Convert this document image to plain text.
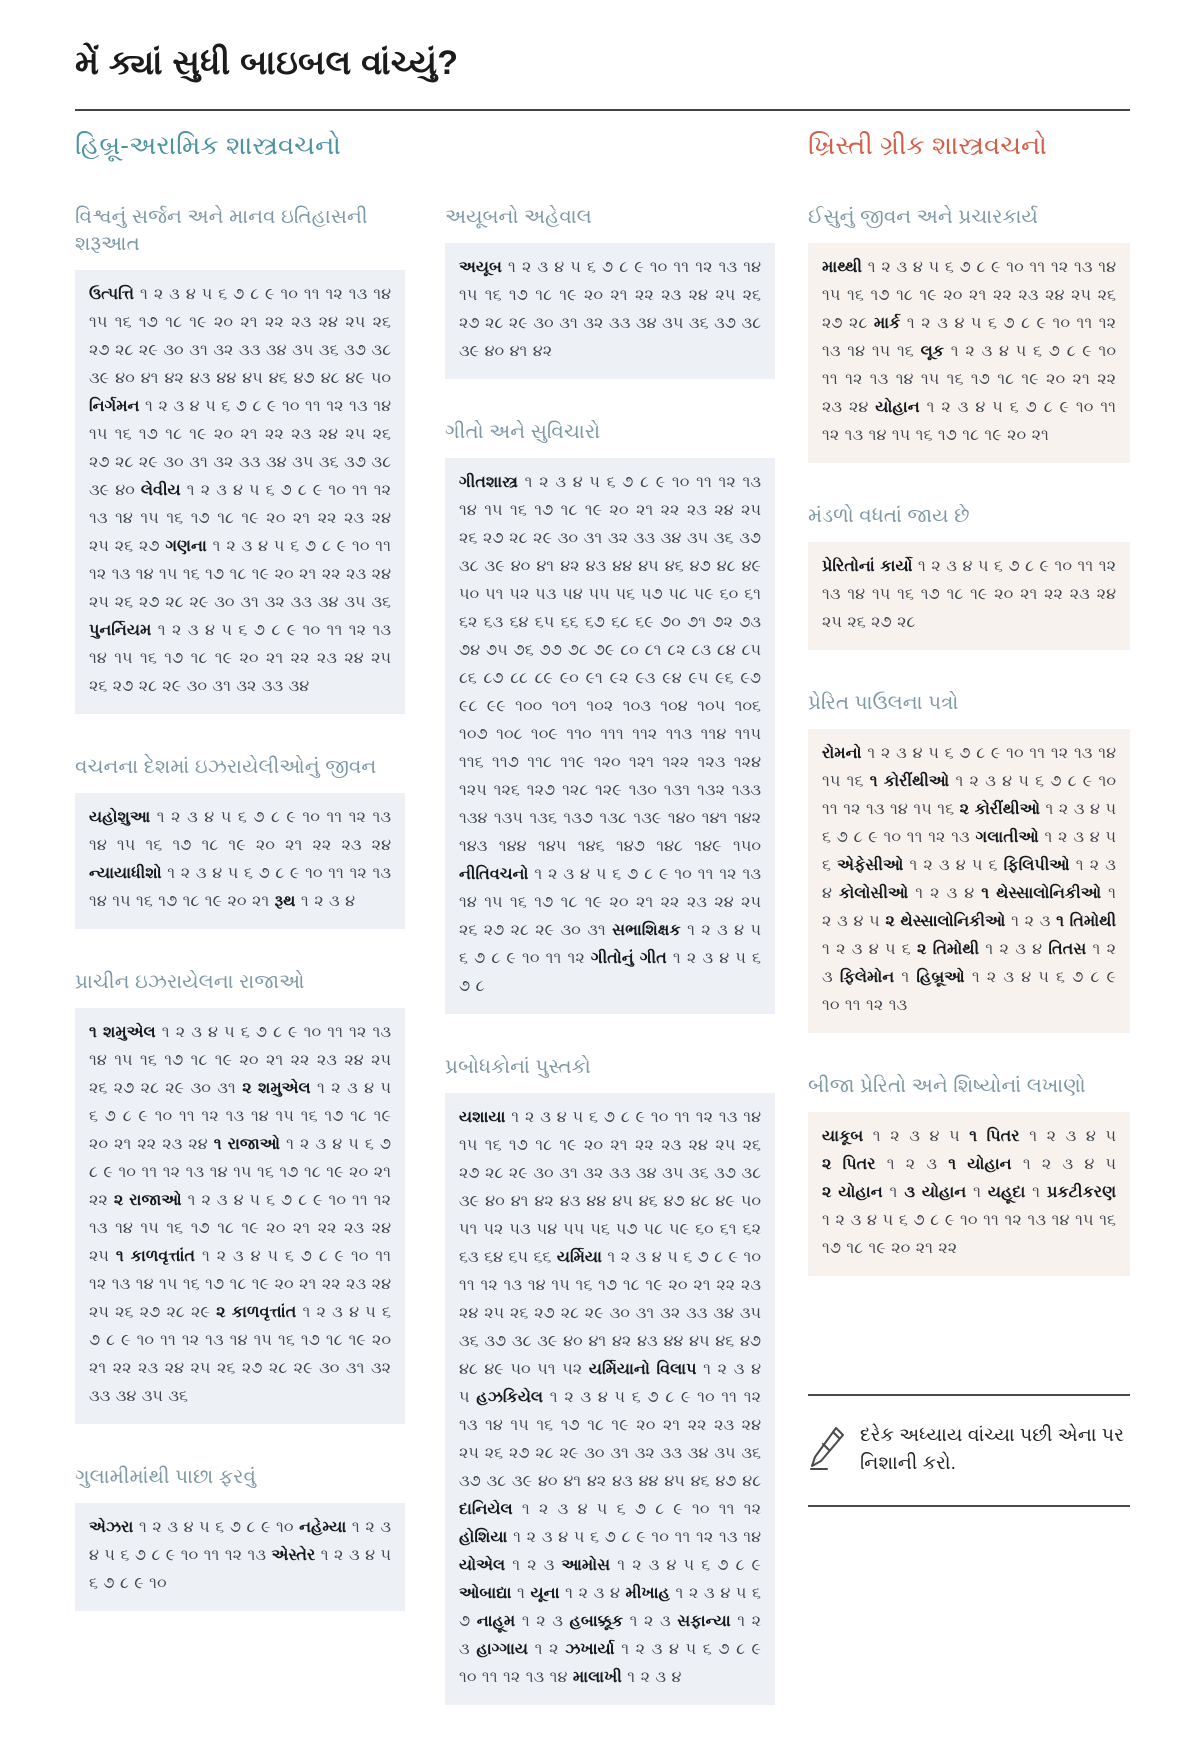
મેં ક્યાં સુધી બાઇબલ વાંચ્યું?
હિબ્રૂ-અરામિક શાસ્ત્રવચનો
વિશ્વનું સર્જન અને માનવ ઇતિહાસની શરૂઆત
ઉત્પત્તિ ૧ ૨ ૩ ૪ ૫ ૬ ૭ ૮ ૯ ૧૦ ૧૧ ૧૨ ૧૩ ૧૪ ૧૫ ૧૬ ૧૭ ૧૮ ૧૯ ૨૦ ૨૧ ૨૨ ૨૩ ૨૪ ૨૫ ૨૬ ૨૭ ૨૮ ૨૯ ૩૦ ૩૧ ૩૨ ૩૩ ૩૪ ૩૫ ૩૬ ૩૭ ૩૮ ૩૯ ૪૦ ૪૧ ૪૨ ૪૩ ૪૪ ૪૫ ૪૬ ૪૭ ૪૮ ૪૯ ૫૦ નિર્ગમન ૧ ૨ ૩ ૪ ૫ ૬ ૭ ૮ ૯ ૧૦ ૧૧ ૧૨ ૧૩ ૧૪ ૧૫ ૧૬ ૧૭ ૧૮ ૧૯ ૨૦ ૨૧ ૨૨ ૨૩ ૨૪ ૨૫ ૨૬ ૨૭ ૨૮ ૨૯ ૩૦ ૩૧ ૩૨ ૩૩ ૩૪ ૩૫ ૩૬ ૩૭ ૩૮ ૩૯ ૪૦ લેવીય ૧ ૨ ૩ ૪ ૫ ૬ ૭ ૮ ૯ ૧૦ ૧૧ ૧૨ ૧૩ ૧૪ ૧૫ ૧૬ ૧૭ ૧૮ ૧૯ ૨૦ ૨૧ ૨૨ ૨૩ ૨૪ ૨૫ ૨૬ ૨૭ ગણના ૧ ૨ ૩ ૪ ૫ ૬ ૭ ૮ ૯ ૧૦ ૧૧ ૧૨ ૧૩ ૧૪ ૧૫ ૧૬ ૧૭ ૧૮ ૧૯ ૨૦ ૨૧ ૨૨ ૨૩ ૨૪ ૨૫ ૨૬ ૨૭ ૨૮ ૨૯ ૩૦ ૩૧ ૩૨ ૩૩ ૩૪ ૩૫ ૩૬ પુનર્નિયમ ૧ ૨ ૩ ૪ ૫ ૬ ૭ ૮ ૯ ૧૦ ૧૧ ૧૨ ૧૩ ૧૪ ૧૫ ૧૬ ૧૭ ૧૮ ૧૯ ૨૦ ૨૧ ૨૨ ૨૩ ૨૪ ૨૫ ૨૬ ૨૭ ૨૮ ૨૯ ૩૦ ૩૧ ૩૨ ૩૩ ૩૪
વચનના દેશમાં ઇઝરાયેલીઓનું જીવન
યહોશુઆ ૧ ૨ ૩ ૪ ૫ ૬ ૭ ૮ ૯ ૧૦ ૧૧ ૧૨ ૧૩ ૧૪ ૧૫ ૧૬ ૧૭ ૧૮ ૧૯ ૨૦ ૨૧ ૨૨ ૨૩ ૨૪ ન્યાયાધીશો ૧ ૨ ૩ ૪ ૫ ૬ ૭ ૮ ૯ ૧૦ ૧૧ ૧૨ ૧૩ ૧૪ ૧૫ ૧૬ ૧૭ ૧૮ ૧૯ ૨૦ ૨૧ રૂથ ૧ ૨ ૩ ૪
પ્રાચીન ઇઝરાયેલના રાજાઓ
૧ શમુએલ ૧ ૨ ૩ ૪ ૫ ૬ ૭ ૮ ૯ ૧૦ ૧૧ ૧૨ ૧૩ ૧૪ ૧૫ ૧૬ ૧૭ ૧૮ ૧૯ ૨૦ ૨૧ ૨૨ ૨૩ ૨૪ ૨૫ ૨૬ ૨૭ ૨૮ ૨૯ ૩૦ ૩૧ ૨ શમુએલ ૧ ૨ ૩ ૪ ૫ ૬ ૭ ૮ ૯ ૧૦ ૧૧ ૧૨ ૧૩ ૧૪ ૧૫ ૧૬ ૧૭ ૧૮ ૧૯ ૨૦ ૨૧ ૨૨ ૨૩ ૨૪ ૧ રાજાઓ ૧ ૨ ૩ ૪ ૫ ૬ ૭ ૮ ૯ ૧૦ ૧૧ ૧૨ ૧૩ ૧૪ ૧૫ ૧૬ ૧૭ ૧૮ ૧૯ ૨૦ ૨૧ ૨૨ ૨ રાજાઓ ૧ ૨ ૩ ૪ ૫ ૬ ૭ ૮ ૯ ૧૦ ૧૧ ૧૨ ૧૩ ૧૪ ૧૫ ૧૬ ૧૭ ૧૮ ૧૯ ૨૦ ૨૧ ૨૨ ૨૩ ૨૪ ૨૫ ૧ કાળવૃત્તાંત ૧ ૨ ૩ ૪ ૫ ૬ ૭ ૮ ૯ ૧૦ ૧૧ ૧૨ ૧૩ ૧૪ ૧૫ ૧૬ ૧૭ ૧૮ ૧૯ ૨૦ ૨૧ ૨૨ ૨૩ ૨૪ ૨૫ ૨૬ ૨૭ ૨૮ ૨૯ ૨ કાળવૃત્તાંત ૧ ૨ ૩ ૪ ૫ ૬ ૭ ૮ ૯ ૧૦ ૧૧ ૧૨ ૧૩ ૧૪ ૧૫ ૧૬ ૧૭ ૧૮ ૧૯ ૨૦ ૨૧ ૨૨ ૨૩ ૨૪ ૨૫ ૨૬ ૨૭ ૨૮ ૨૯ ૩૦ ૩૧ ૩૨ ૩૩ ૩૪ ૩૫ ૩૬
ગુલામીમાંથી પાછા ફરવું
એઝરા ૧ ૨ ૩ ૪ ૫ ૬ ૭ ૮ ૯ ૧૦ નહેમ્યા ૧ ૨ ૩ ૪ ૫ ૬ ૭ ૮ ૯ ૧૦ ૧૧ ૧૨ ૧૩ એસ્તેર ૧ ૨ ૩ ૪ ૫ ૬ ૭ ૮ ૯ ૧૦
અયૂબનો અહેવાલ
અયૂબ ૧ ૨ ૩ ૪ ૫ ૬ ૭ ૮ ૯ ૧૦ ૧૧ ૧૨ ૧૩ ૧૪ ૧૫ ૧૬ ૧૭ ૧૮ ૧૯ ૨૦ ૨૧ ૨૨ ૨૩ ૨૪ ૨૫ ૨૬ ૨૭ ૨૮ ૨૯ ૩૦ ૩૧ ૩૨ ૩૩ ૩૪ ૩૫ ૩૬ ૩૭ ૩૮ ૩૯ ૪૦ ૪૧ ૪૨
ગીતો અને સુવિચારો
ગીતશાસ્ત્ર ૧ ૨ ૩ ૪ ૫ ૬ ૭ ૮ ૯ ૧૦ ૧૧ ૧૨ ૧૩ ૧૪ ૧૫ ૧૬ ૧૭ ૧૮ ૧૯ ૨૦ ૨૧ ૨૨ ૨૩ ૨૪ ૨૫ ૨૬ ૨૭ ૨૮ ૨૯ ૩૦ ૩૧ ૩૨ ૩૩ ૩૪ ૩૫ ૩૬ ૩૭ ૩૮ ૩૯ ૪૦ ૪૧ ૪૨ ૪૩ ૪૪ ૪૫ ૪૬ ૪૭ ૪૮ ૪૯ ૫૦ ૫૧ ૫૨ ૫૩ ૫૪ ૫૫ ૫૬ ૫૭ ૫૮ ૫૯ ૬૦ ૬૧ ૬૨ ૬૩ ૬૪ ૬૫ ૬૬ ૬૭ ૬૮ ૬૯ ૭૦ ૭૧ ૭૨ ૭૩ ૭૪ ૭૫ ૭૬ ૭૭ ૭૮ ૭૯ ૮૦ ૮૧ ૮૨ ૮૩ ૮૪ ૮૫ ૮૬ ૮૭ ૮૮ ૮૯ ૯૦ ૯૧ ૯૨ ૯૩ ૯૪ ૯૫ ૯૬ ૯૭ ૯૮ ૯૯ ૧૦૦ ૧૦૧ ૧૦૨ ૧૦૩ ૧૦૪ ૧૦૫ ૧૦૬ ૧૦૭ ૧૦૮ ૧૦૯ ૧૧૦ ૧૧૧ ૧૧૨ ૧૧૩ ૧૧૪ ૧૧૫ ૧૧૬ ૧૧૭ ૧૧૮ ૧૧૯ ૧૨૦ ૧૨૧ ૧૨૨ ૧૨૩ ૧૨૪ ૧૨૫ ૧૨૬ ૧૨૭ ૧૨૮ ૧૨૯ ૧૩૦ ૧૩૧ ૧૩૨ ૧૩૩ ૧૩૪ ૧૩૫ ૧૩૬ ૧૩૭ ૧૩૮ ૧૩૯ ૧૪૦ ૧૪૧ ૧૪૨ ૧૪૩ ૧૪૪ ૧૪૫ ૧૪૬ ૧૪૭ ૧૪૮ ૧૪૯ ૧૫૦ નીતિવચનો ૧ ૨ ૩ ૪ ૫ ૬ ૭ ૮ ૯ ૧૦ ૧૧ ૧૨ ૧૩ ૧૪ ૧૫ ૧૬ ૧૭ ૧૮ ૧૯ ૨૦ ૨૧ ૨૨ ૨૩ ૨૪ ૨૫ ૨૬ ૨૭ ૨૮ ૨૯ ૩૦ ૩૧ સભાશિક્ષક ૧ ૨ ૩ ૪ ૫ ૬ ૭ ૮ ૯ ૧૦ ૧૧ ૧૨ ગીતોનું ગીત ૧ ૨ ૩ ૪ ૫ ૬ ૭ ૮
પ્રબોધકોનાં પુસ્તકો
યશાયા ૧ ૨ ૩ ૪ ૫ ૬ ૭ ૮ ૯ ૧૦ ૧૧ ૧૨ ૧૩ ૧૪ ૧૫ ૧૬ ૧૭ ૧૮ ૧૯ ૨૦ ૨૧ ૨૨ ૨૩ ૨૪ ૨૫ ૨૬ ૨૭ ૨૮ ૨૯ ૩૦ ૩૧ ૩૨ ૩૩ ૩૪ ૩૫ ૩૬ ૩૭ ૩૮ ૩૯ ૪૦ ૪૧ ૪૨ ૪૩ ૪૪ ૪૫ ૪૬ ૪૭ ૪૮ ૪૯ ૫૦ ૫૧ ૫૨ ૫૩ ૫૪ ૫૫ ૫૬ ૫૭ ૫૮ ૫૯ ૬૦ ૬૧ ૬૨ ૬૩ ૬૪ ૬૫ ૬૬ યર્મિયા ૧ ૨ ૩ ૪ ૫ ૬ ૭ ૮ ૯ ૧૦ ૧૧ ૧૨ ૧૩ ૧૪ ૧૫ ૧૬ ૧૭ ૧૮ ૧૯ ૨૦ ૨૧ ૨૨ ૨૩ ૨૪ ૨૫ ૨૬ ૨૭ ૨૮ ૨૯ ૩૦ ૩૧ ૩૨ ૩૩ ૩૪ ૩૫ ૩૬ ૩૭ ૩૮ ૩૯ ૪૦ ૪૧ ૪૨ ૪૩ ૪૪ ૪૫ ૪૬ ૪૭ ૪૮ ૪૯ ૫૦ ૫૧ ૫૨ યર્મિયાનો વિલાપ ૧ ૨ ૩ ૪ ૫ હઝકિયેલ ૧ ૨ ૩ ૪ ૫ ૬ ૭ ૮ ૯ ૧૦ ૧૧ ૧૨ ૧૩ ૧૪ ૧૫ ૧૬ ૧૭ ૧૮ ૧૯ ૨૦ ૨૧ ૨૨ ૨૩ ૨૪ ૨૫ ૨૬ ૨૭ ૨૮ ૨૯ ૩૦ ૩૧ ૩૨ ૩૩ ૩૪ ૩૫ ૩૬ ૩૭ ૩૮ ૩૯ ૪૦ ૪૧ ૪૨ ૪૩ ૪૪ ૪૫ ૪૬ ૪૭ ૪૮ દાનિયેલ ૧ ૨ ૩ ૪ ૫ ૬ ૭ ૮ ૯ ૧૦ ૧૧ ૧૨ હોશિયા ૧ ૨ ૩ ૪ ૫ ૬ ૭ ૮ ૯ ૧૦ ૧૧ ૧૨ ૧૩ ૧૪ યોએલ ૧ ૨ ૩ આમોસ ૧ ૨ ૩ ૪ ૫ ૬ ૭ ૮ ૯ ઓબાદ્યા ૧ યૂના ૧ ૨ ૩ ૪ મીખાહ ૧ ૨ ૩ ૪ ૫ ૬ ૭ નાહૂમ ૧ ૨ ૩ હબાક્કૂક ૧ ૨ ૩ સફાન્યા ૧ ૨ ૩ હાગ્ગાય ૧ ૨ ઝખાર્યા ૧ ૨ ૩ ૪ ૫ ૬ ૭ ૮ ૯ ૧૦ ૧૧ ૧૨ ૧૩ ૧૪ માલાખી ૧ ૨ ૩ ૪
ખ્રિસ્તી ગ્રીક શાસ્ત્રવચનો
ઈસુનું જીવન અને પ્રચારકાર્ય
માથ્થી ૧ ૨ ૩ ૪ ૫ ૬ ૭ ૮ ૯ ૧૦ ૧૧ ૧૨ ૧૩ ૧૪ ૧૫ ૧૬ ૧૭ ૧૮ ૧૯ ૨૦ ૨૧ ૨૨ ૨૩ ૨૪ ૨૫ ૨૬ ૨૭ ૨૮ માર્ક ૧ ૨ ૩ ૪ ૫ ૬ ૭ ૮ ૯ ૧૦ ૧૧ ૧૨ ૧૩ ૧૪ ૧૫ ૧૬ લૂક ૧ ૨ ૩ ૪ ૫ ૬ ૭ ૮ ૯ ૧૦ ૧૧ ૧૨ ૧૩ ૧૪ ૧૫ ૧૬ ૧૭ ૧૮ ૧૯ ૨૦ ૨૧ ૨૨ ૨૩ ૨૪ યોહાન ૧ ૨ ૩ ૪ ૫ ૬ ૭ ૮ ૯ ૧૦ ૧૧ ૧૨ ૧૩ ૧૪ ૧૫ ૧૬ ૧૭ ૧૮ ૧૯ ૨૦ ૨૧
મંડળો વધતાં જાય છે
પ્રેરિતોનાં કાર્યો ૧ ૨ ૩ ૪ ૫ ૬ ૭ ૮ ૯ ૧૦ ૧૧ ૧૨ ૧૩ ૧૪ ૧૫ ૧૬ ૧૭ ૧૮ ૧૯ ૨૦ ૨૧ ૨૨ ૨૩ ૨૪ ૨૫ ૨૬ ૨૭ ૨૮
પ્રેરિત પાઉલના પત્રો
રોમનો ૧ ૨ ૩ ૪ ૫ ૬ ૭ ૮ ૯ ૧૦ ૧૧ ૧૨ ૧૩ ૧૪ ૧૫ ૧૬ ૧ કોરીંથીઓ ૧ ૨ ૩ ૪ ૫ ૬ ૭ ૮ ૯ ૧૦ ૧૧ ૧૨ ૧૩ ૧૪ ૧૫ ૧૬ ૨ કોરીંથીઓ ૧ ૨ ૩ ૪ ૫ ૬ ૭ ૮ ૯ ૧૦ ૧૧ ૧૨ ૧૩ ગલાતીઓ ૧ ૨ ૩ ૪ ૫ ૬ એફેસીઓ ૧ ૨ ૩ ૪ ૫ ૬ ફિલિપીઓ ૧ ૨ ૩ ૪ કોલોસીઓ ૧ ૨ ૩ ૪ ૧ થેસ્સાલોનિકીઓ ૧ ૨ ૩ ૪ ૫ ૨ થેસ્સાલોનિકીઓ ૧ ૨ ૩ ૧ તિમોથી ૧ ૨ ૩ ૪ ૫ ૬ ૨ તિમોથી ૧ ૨ ૩ ૪ તિતસ ૧ ૨ ૩ ફિલેમોન ૧ હિબ્રૂઓ ૧ ૨ ૩ ૪ ૫ ૬ ૭ ૮ ૯ ૧૦ ૧૧ ૧૨ ૧૩
બીજા પ્રેરિતો અને શિષ્યોનાં લખાણો
યાકૂબ ૧ ૨ ૩ ૪ ૫ ૧ પિતર ૧ ૨ ૩ ૪ ૫ ૨ પિતર ૧ ૨ ૩ ૧ યોહાન ૧ ૨ ૩ ૪ ૫ ૨ યોહાન ૧ ૩ યોહાન ૧ યહૂદા ૧ પ્રકટીકરણ ૧ ૨ ૩ ૪ ૫ ૬ ૭ ૮ ૯ ૧૦ ૧૧ ૧૨ ૧૩ ૧૪ ૧૫ ૧૬ ૧૭ ૧૮ ૧૯ ૨૦ ૨૧ ૨૨
દરેક અધ્યાય વાંચ્યા પછી એના પર નિશાની કરો.
